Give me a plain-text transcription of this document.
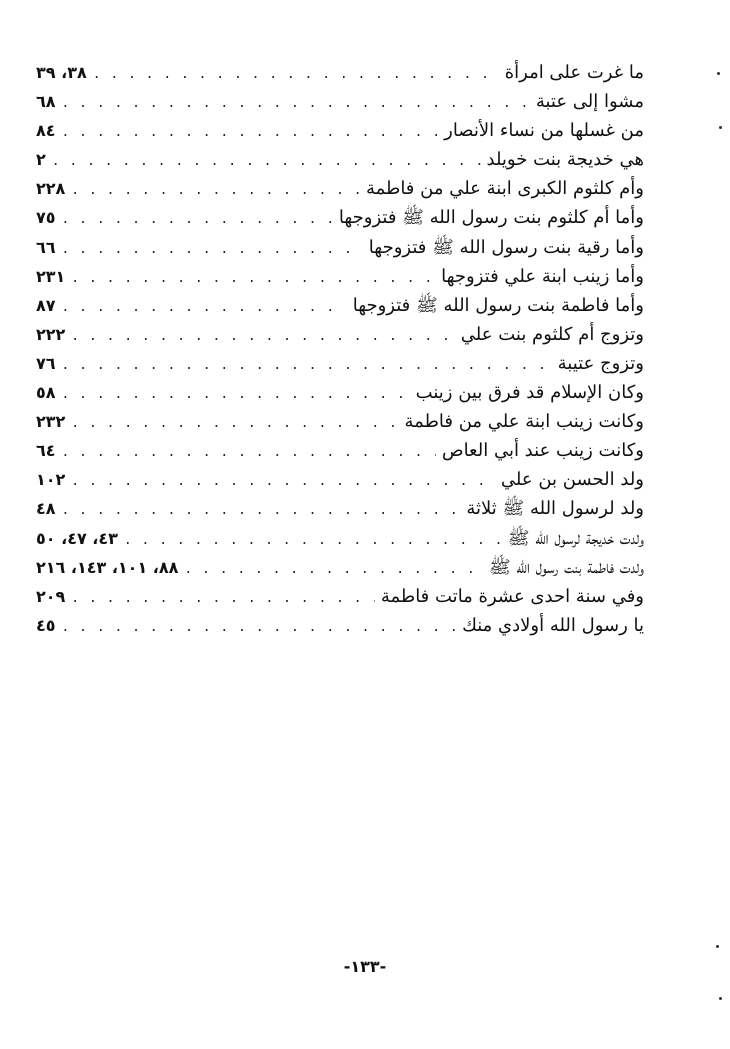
ما غرت على امرأة
. . .
٣٨، ٣٩
مشوا إلى عتبة
. . .
٦٨
من غسلها من نساء الأنصار
. . .
٨٤
هي خديجة بنت خويلد
. . .
٢
وأم كلثوم الكبرى ابنة علي من فاطمة
. . .
٢٢٨
وأما أم كلثوم بنت رسول الله ﷺ فتزوجها
. . .
٧٥
وأما رقية بنت رسول الله ﷺ فتزوجها
. . .
٦٦
وأما زينب ابنة علي فتزوجها
. . .
٢٣١
وأما فاطمة بنت رسول الله ﷺ فتزوجها
. . .
٨٧
وتزوج أم كلثوم بنت علي
. . .
٢٢٢
وتزوج عتيبة
. . .
٧٦
وكان الإسلام قد فرق بين زينب
. . .
٥٨
وكانت زينب ابنة علي من فاطمة
. . .
٢٣٢
وكانت زينب عند أبي العاص
. . .
٦٤
ولد الحسن بن علي
. . .
١٠٢
ولد لرسول الله ﷺ ثلاثة
. . .
٤٨
ولدت خديجة لرسول الله ﷺ
. . .
٤٣، ٤٧، ٥٠
ولدت فاطمة بنت رسول الله ﷺ
. . .
٨٨، ١٠١، ١٤٣، ٢١٦
وفي سنة احدى عشرة ماتت فاطمة
. . .
٢٠٩
يا رسول الله أولادي منك
. . .
٤٥
-١٣٣-
